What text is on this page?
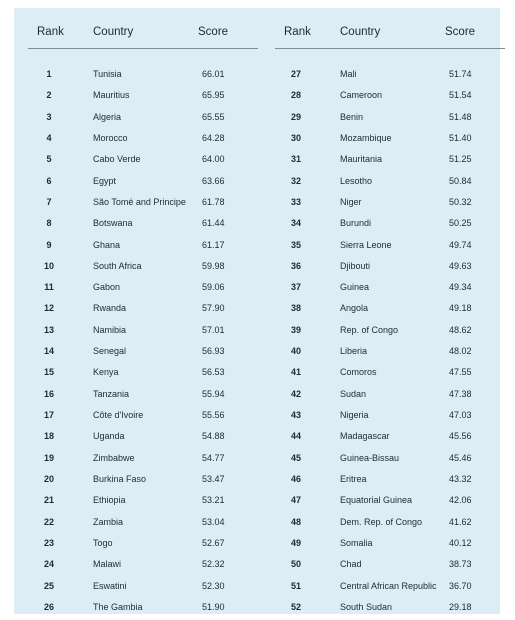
Rank	Country	Score
1	Tunisia	66.01
2	Mauritius	65.95
3	Algeria	65.55
4	Morocco	64.28
5	Cabo Verde	64.00
6	Egypt	63.66
7	São Tomé and Principe 61.78
8	Botswana	61.44
9	Ghana	61.17
10	South Africa	59.98
11	Gabon	59.06
12	Rwanda	57.90
13	Namibia	57.01
14	Senegal	56.93
15	Kenya	56.53
16	Tanzania	55.94
17	Côte d'Ivoire	55.56
18	Uganda	54.88
19	Zimbabwe	54.77
20	Burkina Faso	53.47
21	Ethiopia	53.21
22	Zambia	53.04
23	Togo	52.67
24	Malawi	52.32
25	Eswatini	52.30
26	The Gambia	51.90
Rank	Country	Score
27	Mali	51.74
28	Cameroon	51.54
29	Benin	51.48
30	Mozambique	51.40
31	Mauritania	51.25
32	Lesotho	50.84
33	Niger	50.32
34	Burundi	50.25
35	Sierra Leone	49.74
36	Djibouti	49.63
37	Guinea	49.34
38	Angola	49.18
39	Rep. of Congo	48.62
40	Liberia	48.02
41	Comoros	47.55
42	Sudan	47.38
43	Nigeria	47.03
44	Madagascar	45.56
45	Guinea-Bissau	45.46
46	Eritrea	43.32
47	Equatorial Guinea	42.06
48	Dem. Rep. of Congo	41.62
49	Somalia	40.12
50	Chad	38.73
51	Central African Republic 36.70
52	South Sudan	29.18
